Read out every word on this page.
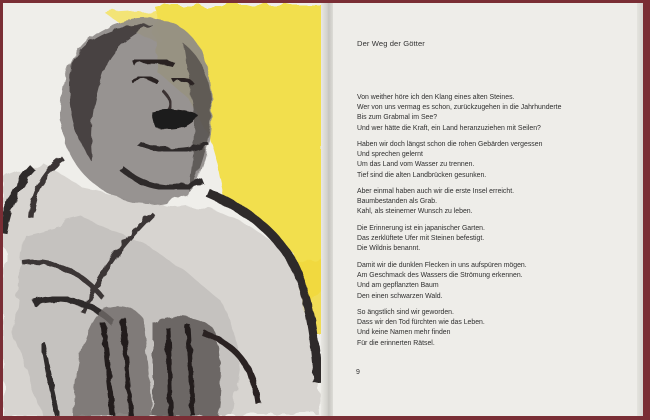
Der Weg der Götter
Von weither höre ich den Klang eines alten Steines.
Wer von uns vermag es schon, zurückzugehen in die Jahrhunderte
Bis zum Grabmal im See?
Und wer hätte die Kraft, ein Land heranzuziehen mit Seilen?
Haben wir doch längst schon die rohen Gebärden vergessen
Und sprechen gelernt
Um das Land vom Wasser zu trennen.
Tief sind die alten Landbrücken gesunken.
Aber einmal haben auch wir die erste Insel erreicht.
Baumbestanden als Grab.
Kahl, als steinerner Wunsch zu leben.
Die Erinnerung ist ein japanischer Garten.
Das zerklüftete Ufer mit Steinen befestigt.
Die Wildnis benannt.
Damit wir die dunklen Flecken in uns aufspüren mögen.
Am Geschmack des Wassers die Strömung erkennen.
Und am gepflanzten Baum
Den einen schwarzen Wald.
So ängstlich sind wir geworden.
Dass wir den Tod fürchten wie das Leben.
Und keine Namen mehr finden
Für die erinnerten Rätsel.
9
